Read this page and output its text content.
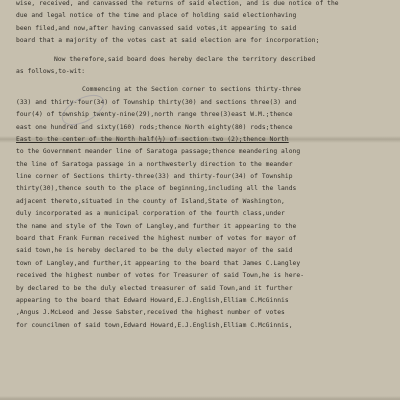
wise, received, and canvassed the returns of said election, and is due notice of the
due and legal notice of the time and place of holding said electionhaving
been filed,and now,after having canvassed said votes,it appearing to said
board that a majority of the votes cast at said election are for incorporation;
Now therefore,said board does hereby declare the territory described
as follows,to-wit:
Commencing at the Section corner to sections thirty-three
(33) and thirty-four(34) of Township thirty(30) and sections three(3) and
four(4) of township twenty-nine(29),north range three(3)east W.M.;thence
east one hundred and sixty(160) rods;thence North eighty(80) rods;thence
East to the center of the North half(½) of section two (2);thence North
to the Government meander line of Saratoga passage;thence meandering along
the line of Saratoga passage in a northwesterly direction to the meander
line corner of Sections thirty-three(33) and thirty-four(34) of Township
thirty(30),thence south to the place of beginning,including all the lands
adjacent thereto,situated in the county of Island,State of Washington,
duly incorporated as a municipal corporation of the fourth class,under
the name and style of the Town of Langley,and further it appearing to the
board that Frank Furman received the highest number of votes for mayor of
said town,he is hereby declared to be the duly elected mayor of the said
town of Langley,and further,it appearing to the board that James C.Langley
received the highest number of votes for Treasurer of said Town,he is here-
by declared to be the duly elected treasurer of said Town,and it further
appearing to the board that Edward Howard,E.J.English,Elliam C.McGinnis
,Angus J.McLeod and Jesse Sabster,received the highest number of votes
for councilmen of said town,Edward Howard,E.J.English,Elliam C.McGinnis,
